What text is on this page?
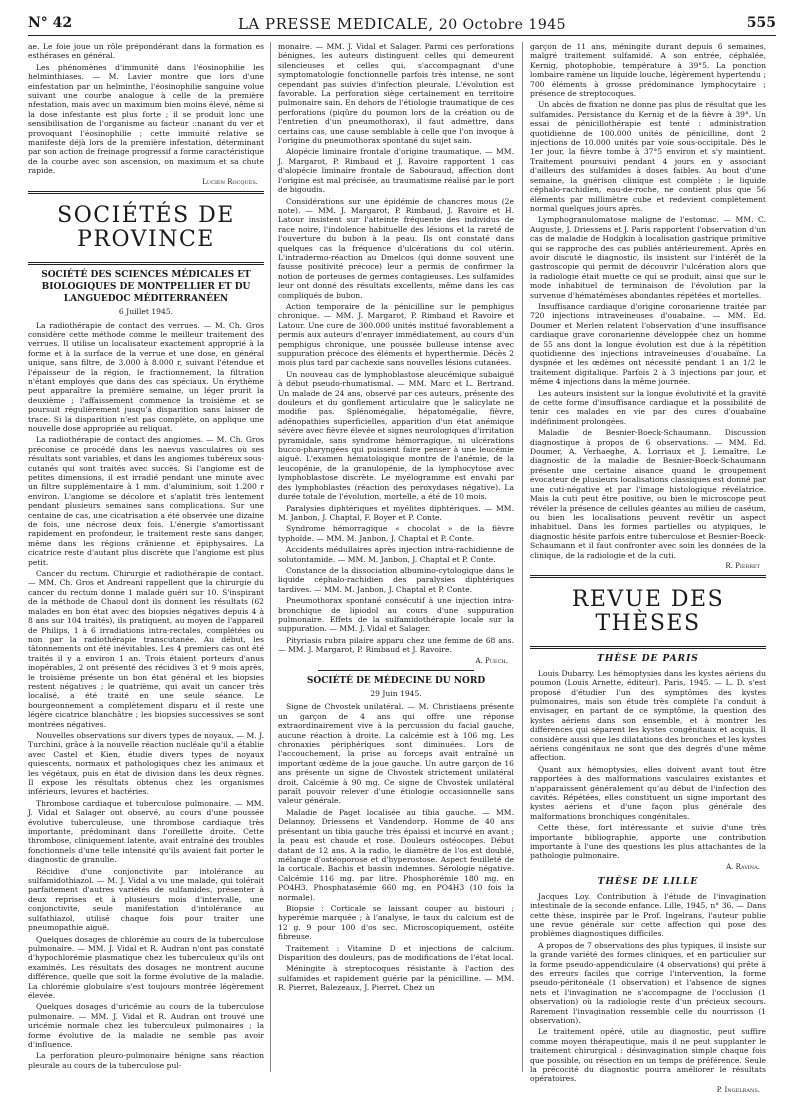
N° 42	LA PRESSE MEDICALE, 20 Octobre 1945	555

ae. Le foie joue un rôle prépondérant dans la formation es esthérases en général.

Les phénomènes d'immunité dans l'éosinophilie les helminthiases. — M. Lavier montre que lors d'une einfestation par un helminthe, l'éosinophilie sanguine volue suivant une courbe analogue à celle de la première nfestation, mais avec un maximum bien moins élevé, nême si la dose infestante est plus forte ; il se produit lonc une sensibilisation de l'organisme au facteur ::nanant du ver et provoquant l'éosinophilie ; cette immuité relative se manifeste déjà lors de la première infestation, déterminant par son action de freinage progressif a forme caractéristique de la courbe avec son ascension, on maximum et sa chute rapide.

Lucien Rocqués.

SOCIÉTÉS DE PROVINCE

SOCIÉTÉ DES SCIENCES MÉDICALES ET BIOLOGIQUES DE MONTPELLIER ET DU LANGUEDOC MÉDITERRANÉEN

6 Juillet 1945.

La radiothérapie de contact des verrues. — M. Ch. Gros considère cette méthode comme le meilleur traitement des verrues. Il utilise un localisateur exactement approprié à la forme et à la surface de la verrue et une dose, en général unique, sans filtre, de 3.000 à 8.000 r, suivant l'étendue et l'épaisseur de la région, le fractionnement, la filtration n'étant employés que dans des cas spéciaux. Un érythème peut apparaître la première semaine, un léger prurit la deuxième ; l'affaissement commence la troisième et se poursuit régulièrement jusqu'à disparition sans laisser de trace. Si la disparition n'est pas complète, on applique une nouvelle dose appropriée au reliquat.

La radiothérapie de contact des angiomes. — M. Ch. Gros préconise ce procédé dans les naevus vasculaires où ses résultats sont variables, et dans les angiomes tubéreux sous-cutanés qui sont traités avec succès. Si l'angiome est de petites dimensions, il est irradié pendant une minute avec un filtre supplémentaire à 1 mm. d'aluminium, soit 1.200 r environ. L'angiome se décolore et s'aplatit très lentement pendant plusieurs semaines sans complications. Sur une centaine de cas, une cicatrisation a été observée une dizaine de fois, une nécrose deux fois. L'énergie s'amortissant rapidement en profondeur, le traitement reste sans danger, même dans les régions crânienne et épiphysaires. La cicatrice reste d'autant plus discrète que l'angiome est plus petit.

Cancer du rectum. Chirurgie et radiothérapie de contact. — MM. Ch. Gros et Andreani rappellent que la chirurgie du cancer du rectum donne 1 malade guéri sur 10. S'inspirant de la méthode de Chaoul dont ils donnent les résultats (62 malades en bon état avec des biopsies négatives depuis 4 à 8 ans sur 104 traités), ils pratiquent, au moyen de l'appareil de Philips, 1 à 6 irradiations intra-rectales, complétées ou non par la radiothérapie transcutanée. Au début, les tâtonnements ont été inévitables. Les 4 premiers cas ont été traités il y a environ 1 an. Trois étaient porteurs d'anus inopérables, 2 ont présenté des récidives 3 et 9 mois après, le troisième présente un bon état général et les biopsies restent négatives ; le quatrième, qui avait un cancer très localisé, a été traité en une seule séance. Le bourgeonnement a complètement disparu et il reste une légère cicatrice blanchâtre ; les biopsies successives se sont montrées négatives.

Nouvelles observations sur divers types de noyaux. — M. J. Turchini, grâce à la nouvelle réaction nucléale qu'il a établie avec Castel et Kien, étudie divers types de noyaux quiescents, normaux et pathologiques chez les animaux et les végétaux, puis en état de division dans les deux règnes. Il expose les résultats obtenus chez les organismes inférieurs, levures et bactéries.

Thrombose cardiaque et tuberculose pulmonaire. — MM. J. Vidal et Salager ont observé, au cours d'une poussée évolutive tuberculeuse, une thrombose cardiaque très importante, prédominant dans l'oreillette droite. Cette thrombose, cliniquement latente, avait entraîné des troubles fonctionnels d'une telle intensité qu'ils avaient fait porter le diagnostic de granulie.

Récidive d'une conjonctivite par intolérance au sulfamidothiazol. — M. J. Vidal a vu une malade, qui tolérait parfaitement d'autres variétés de sulfamides, présenter à deux reprises et à plusieurs mois d'intervalle, une conjonctivite, seule manifestation d'intolérance au sulfathiazol, utilisé chaque fois pour traiter une pneumopathie aiguë.

Quelques dosages de chlorémie au cours de la tuberculose pulmonaire. — MM. J. Vidal et R. Audran n'ont pas constaté d'hypochlorémie plasmatique chez les tuberculeux qu'ils ont examinés. Les résultats des dosages ne montrent aucune différence, quelle que soit la forme évolutive de la maladie. La chlorémie globulaire s'est toujours montrée légèrement élevée.

Quelques dosages d'uricémie au cours de la tuberculose pulmonaire. — MM. J. Vidal et R. Audran ont trouvé une uricémie normale chez les tuberculeux pulmonaires ; la forme évolutive de la maladie ne semble pas avoir d'influence.

La perforation pleuro-pulmonaire bénigne sans réaction pleurale au cours de la tuberculose pul-

monaire. — MM. J. Vidal et Salager. Parmi ces perforations bénignes, les auteurs distinguent celles qui demeurent silencieuses et celles qui, s'accompagnant d'une symptomatologie fonctionnelle parfois très intense, ne sont cependant pas suivies d'infection pleurale. L'évolution est favorable. La perforation siège certainement en territoire pulmonaire sain. En dehors de l'étiologie traumatique de ces perforations (piqûre du poumon lors de la création ou de l'entretien d'un pneumothorax), il faut admettre, dans certains cas, une cause semblable à celle que l'on invoque à l'origine du pneumothorax spontané du sujet sain.

Alopécie liminaire frontale d'origine traumatique. — MM. J. Margarot, P. Rimbaud et J. Ravoire rapportent 1 cas d'alopécie liminaire frontale de Sabouraud, affection dont l'origine est mal précisée, au traumatisme réalisé par le port de bigoudis.

Considérations sur une épidémie de chancres mous (2e note). — MM. J. Margarot, P. Rimbaud, J. Ravoire et H. Latour insistent sur l'atteinte fréquente des individus de race noire, l'indolence habituelle des lésions et la rareté de l'ouverture du bubon à la peau. Ils ont constaté dans quelques cas la fréquence d'ulcérations du col utérin. L'intradermo-réaction au Dmelcos (qui donne souvent une fausse positivité précoce) leur a permis de confirmer la notion de porteuses de germes contagieuses. Les sulfamides leur ont donné des résultats excellents, même dans les cas compliqués de bubon.

Action temporaire de la pénicilline sur le pemphigus chronique. — MM. J. Margarot, P. Rimbaud et Ravoire et Latour. Une cure de 300.000 unités institué favorablement a permis aux auteurs d'enrayer immédiatement, au cours d'un pemphigus chronique, une poussée bulleuse intense avec suppuration précoce des éléments et hyperthermie. Décès 2 mois plus tard par cachexie sans nouvelles lésions cutanées.

Un nouveau cas de lymphoblastose aleucémique subaiguë à début pseudo-rhumatismal. — MM. Marc et L. Bertrand. Un malade de 24 ans, observé par ces auteurs, présente des douleurs et du gonflement articulaire que le salicylate ne modifie pas. Splénomégalie, hépatomégalie, fièvre, adénopathies superficielles, apparition d'un état anémique sévère avec fièvre élevée et signes neurologiques d'irritation pyramidale, sans syndrome hémorragique, ni ulcérations bucco-pharyngées qui puissent faire penser à une leucémie aiguë. L'examen hématologique montre de l'anémie, de la leucopénie, de la granulopénie, de la lymphocytose avec lymphoblastose discrète. Le myélogramme est envahi par des lymphoblastes (réaction des peroxydases négative). La durée totale de l'évolution, mortelle, a été de 10 mois.

Paralysies diphtériques et myélites diphtériques. — MM. M. Janbon, J. Chaptal, F. Boyer et P. Conte.

Syndrome hémorragique « chocolat » de la fièvre typhoïde. — MM. M. Janbon, J. Chaptal et P. Conte.

Accidents médullaires après injection intra-rachidienne de solutontamide. — MM. M. Janbon, J. Chaptal et P. Conte.

Constance de la dissociation albumino-cytologique dans le liquide céphalo-rachidien des paralysies diphtériques tardives. — MM. M. Janbon, J. Chaptal et P. Conte.

Pneumothorax spontané consécutif à une injection intra-bronchique de lipiodol au cours d'une suppuration pulmonaire. Effets de la sulfamidothérapie locale sur la suppuration. — MM. J. Vidal et Salager.

Pityriasis rubra pilaire apparu chez une femme de 68 ans. — MM. J. Margarot, P. Rimbaud et J. Ravoire.

A. Puech.

SOCIÉTÉ DE MÉDECINE DU NORD

29 Juin 1945.

Signe de Chvostek unilatéral. — M. Christiaens présente un garçon de 4 ans qui offre une réponse extraordinairement vive à la percussion du facial gauche, aucune réaction à droite. La calcémie est à 106 mg. Les chronaxies périphériques sont diminuées. Lors de l'accouchement, la prise au forceps avait entraîné un important œdème de la joue gauche. Un autre garçon de 16 ans présente un signe de Chvostek strictement unilatéral droit. Calcémie à 90 mg. Ce signe de Chvostek unilatéral paraît pouvoir relever d'une étiologie occasionnelle sans valeur générale.

Maladie de Paget localisée au tibia gauche. — MM. Delannoy, Driessens et Vandendorp. Homme de 40 ans présentant un tibia gauche très épaissi et incurvé en avant ; la peau est chaude et rose. Douleurs ostéocopes. Début datant de 12 ans. A la radio, le diamètre de l'os est doublé, mélange d'ostéoporose et d'hyperostose. Aspect feuilleté de la corticale. Bachis et bassin indemnes. Sérologie négative. Calcémie 116 mg. par litre. Phosphorémie 180 mg. en PO4H3. Phosphatasémie 660 mg. en PO4H3 (10 fois la normale).

Biopsie : Corticale se laissant couper au bistouri ; hyperémie marquée ; à l'analyse, le taux du calcium est de 12 g. 9 pour 100 d'os sec. Microscopiquement, ostéite fibreuse.

Traitement : Vitamine D et injections de calcium. Disparition des douleurs, pas de modifications de l'état local.

Méningite à streptocoques résistante à l'action des sulfamides et rapidement guérie par la pénicilline. — MM. R. Pierret, Balezeaux, J. Pierret. Chez un

garçon de 11 ans, méningite durant depuis 6 semaines, malgré traitement sulfamidé. A son entrée, céphalée, Kernig, photophobie, température à 39°5. La ponction lombaire ramène un liquide louche, légèrement hypertendu ; 700 éléments à grosse prédominance lymphocytaire ; présence de streptocoques.

Un abcès de fixation ne donne pas plus de résultat que les sulfamides. Persistance du Kernig et de la fièvre à 39°. Un essai de pénicillothérapie est tenté : administration quotidienne de 100.000 unités de pénicilline, dont 2 injections de 10.000 unités par voie sous-occipitale. Dès le 1er jour, la fièvre tombe à 37°5 environ et s'y maintient. Traitement poursuivi pendant 4 jours en y associant d'ailleurs des sulfamides à doses faibles. Au bout d'une semaine, la guérison clinique est complète ; le liquide céphalo-rachidien, eau-de-roche, ne contient plus que 56 éléments par millimètre cube et redevient complètement normal quelques jours après.

Lymphogranulomatose maligne de l'estomac. — MM. C. Auguste, J. Driessens et J. Paris rapportent l'observation d'un cas de maladie de Hodgkin à localisation gastrique primitive qui se rapproche des cas publiés antérieurement. Après en avoir discuté le diagnostic, ils insistent sur l'intérêt de la gastroscopie qui permit de découvrir l'ulcération alors que la radiologie était muette ce qui se produit, ainsi que sur le mode inhabituel de terminaison de l'évolution par la survenue d'hématémèses abondantes répétées et mortelles.

Insuffisance cardiaque d'origine coronarienne traitée par 720 injections intraveineuses d'ouabaïne. — MM. Ed. Doumer et Merlen relatent l'observation d'une insuffisance cardiaque grave coronarienne développée chez un homme de 55 ans dont la longue évolution est due à la répétition quotidienne des injections intraveineuses d'ouabaïne. La dyspnée et les œdèmes ont nécessité pendant 1 an 1/2 le traitement digitalique. Parfois 2 à 3 injections par jour, et même 4 injections dans la même journée.

Les auteurs insistent sur la longue évolutivité et la gravité de cette forme d'insuffisance cardiaque et la possibilité de tenir ces malades en vie par des cures d'ouabaïne indéfiniment prolongées.

Maladie de Besnier-Boeck-Schaumann. Discussion diagnostique à propos de 6 observations. — MM. Ed. Doumer, A. Verhaeghe, A. Lorriaux et J. Lemaître. Le diagnostic de la maladie de Besnier-Boeck-Schaumann présente une certaine aisance quand le groupement évocateur de plusieurs localisations classiques est donné par une cuti-négative et par l'image histologique révélatrice. Mais la cuti peut être positive, ou bien le microscope peut révéler la présence de cellules géantes au milieu de caséum, ou bien les localisations peuvent revêtir un aspect inhabituel. Dans les formes partielles ou atypiques, le diagnostic hésite parfois entre tuberculose et Besnier-Boeck-Schaumann et il faut confronter avec soin les données de la clinique, de la radiologie et de la cuti.

R. Pierret

REVUE DES THÈSES

THÈSE DE PARIS

Louis Dubarry. Les hémoptysies dans les kystes aériens du poumon (Louis Arnette, éditeur). Paris, 1945. — L. D. s'est proposé d'étudier l'un des symptômes des kystes pulmonaires, mais son étude très complète l'a conduit à envisager, en partant de ce symptôme, la question des kystes aériens dans son ensemble, et à montrer les différences qui séparent les kystes congénitaux et acquis. Il considère aussi que les dilatations des bronches et les kystes aériens congénitaux ne sont que des degrés d'une même affection.

Quant aux hémoptysies, elles doivent avant tout être rapportées à des malformations vasculaires existantes et n'apparaissent généralement qu'au début de l'infection des cavités. Répétées, elles constituent un signe important des kystes aériens et d'une façon plus générale des malformations bronchiques congénitales.

Cette thèse, fort intéressante et suivie d'une très importante bibliographie, apporte une contribution importante à l'une des questions les plus attachantes de la pathologie pulmonaire.

A. Ravina.

THÈSE DE LILLE

Jacques Loy. Contribution à l'étude de l'invagination intestinale de la seconde enfance. Lille, 1945, n° 36. — Dans cette thèse, inspirée par le Prof. Ingelrans, l'auteur publie une revue générale sur cette affection qui pose des problèmes diagnostiques difficiles.

A propos de 7 observations des plus typiques, il insiste sur la grande variété des formes cliniques, et en particulier sur la forme pseudo-appendiculaire (4 observations) qui prête à des erreurs faciles que corrige l'intervention, la forme pseudo-péritonéale (1 observation) et l'absence de signes nets et l'invagination ne s'accompagne de l'occlusion (1 observation) où la radiologie reste d'un précieux secours. Rarement l'invagination ressemble celle du nourrisson (1 observation).

Le traitement opéré, utile au diagnostic, peut suffire comme moyen thérapeutique, mais il ne peut supplanter le traitement chirurgical : désinvagination simple chaque fois que possible, ou résection en un temps de préférence. Seule la précocité du diagnostic pourra améliorer le résultats opératoires.

P. Ingelrans.
